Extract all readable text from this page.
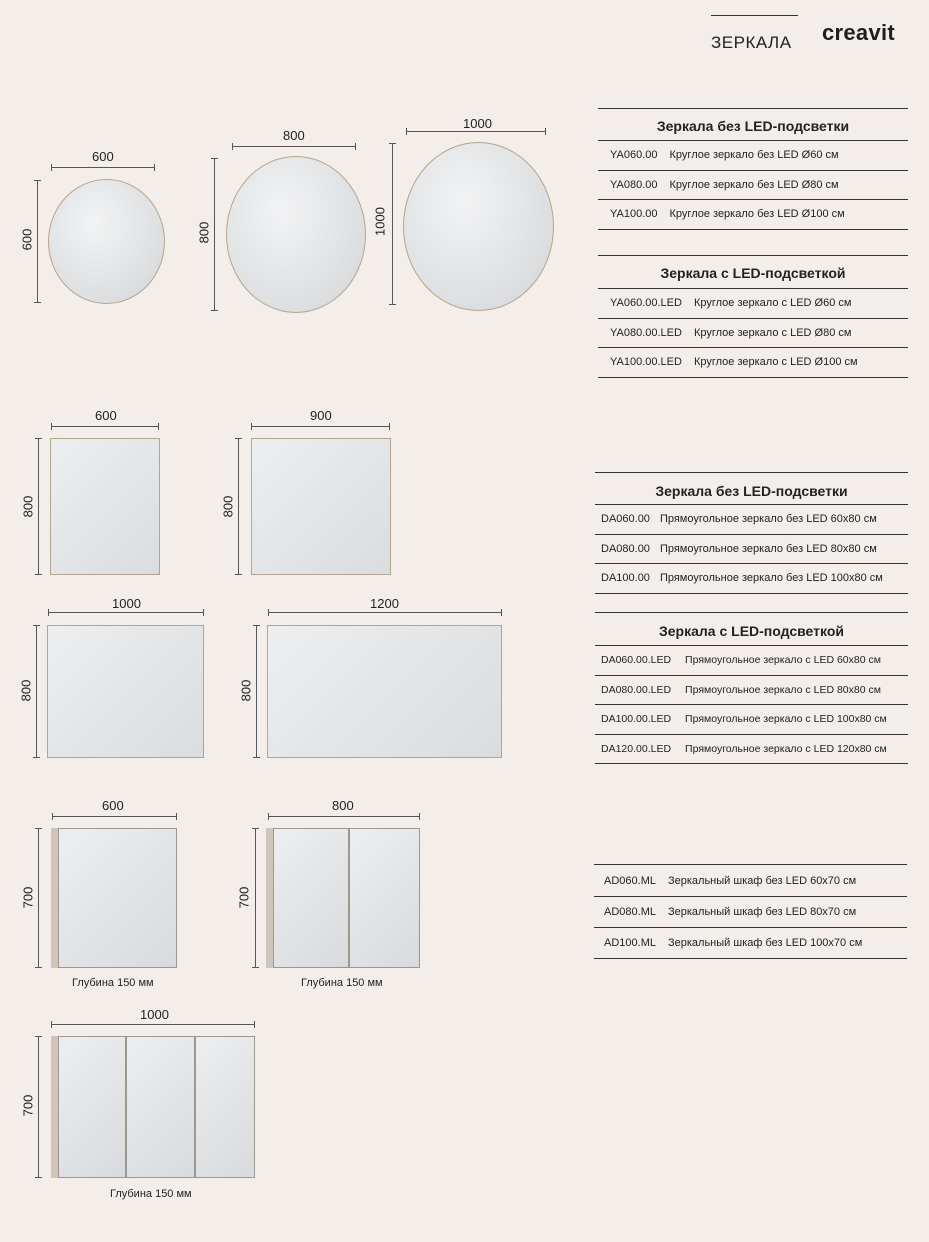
ЗЕРКАЛА creavit
600
600
800
800
1000
1000
600
800
900
800
1000
800
1200
800
600
700
Глубина 150 мм
800
700
Глубина 150 мм
1000
700
Глубина 150 мм
Зеркала без LED-подсветки
YA060.00	Круглое зеркало без LED Ø60 см
YA080.00	Круглое зеркало без LED Ø80 см
YA100.00	Круглое зеркало без LED Ø100 см
Зеркала с LED-подсветкой
YA060.00.LED	Круглое зеркало с LED Ø60 см
YA080.00.LED	Круглое зеркало с LED Ø80 см
YA100.00.LED	Круглое зеркало с LED Ø100 см
Зеркала без LED-подсветки
DA060.00 Прямоугольное зеркало без LED 60x80 см
DA080.00 Прямоугольное зеркало без LED 80x80 см
DA100.00 Прямоугольное зеркало без LED 100x80 см
Зеркала с LED-подсветкой
DA060.00.LED	Прямоугольное зеркало с LED 60x80 см
DA080.00.LED	Прямоугольное зеркало с LED 80x80 см
DA100.00.LED	Прямоугольное зеркало с LED 100x80 см
DA120.00.LED	Прямоугольное зеркало с LED 120x80 см
AD060.ML	Зеркальный шкаф без LED 60x70 см
AD080.ML	Зеркальный шкаф без LED 80x70 см
AD100.ML	Зеркальный шкаф без LED 100x70 см
